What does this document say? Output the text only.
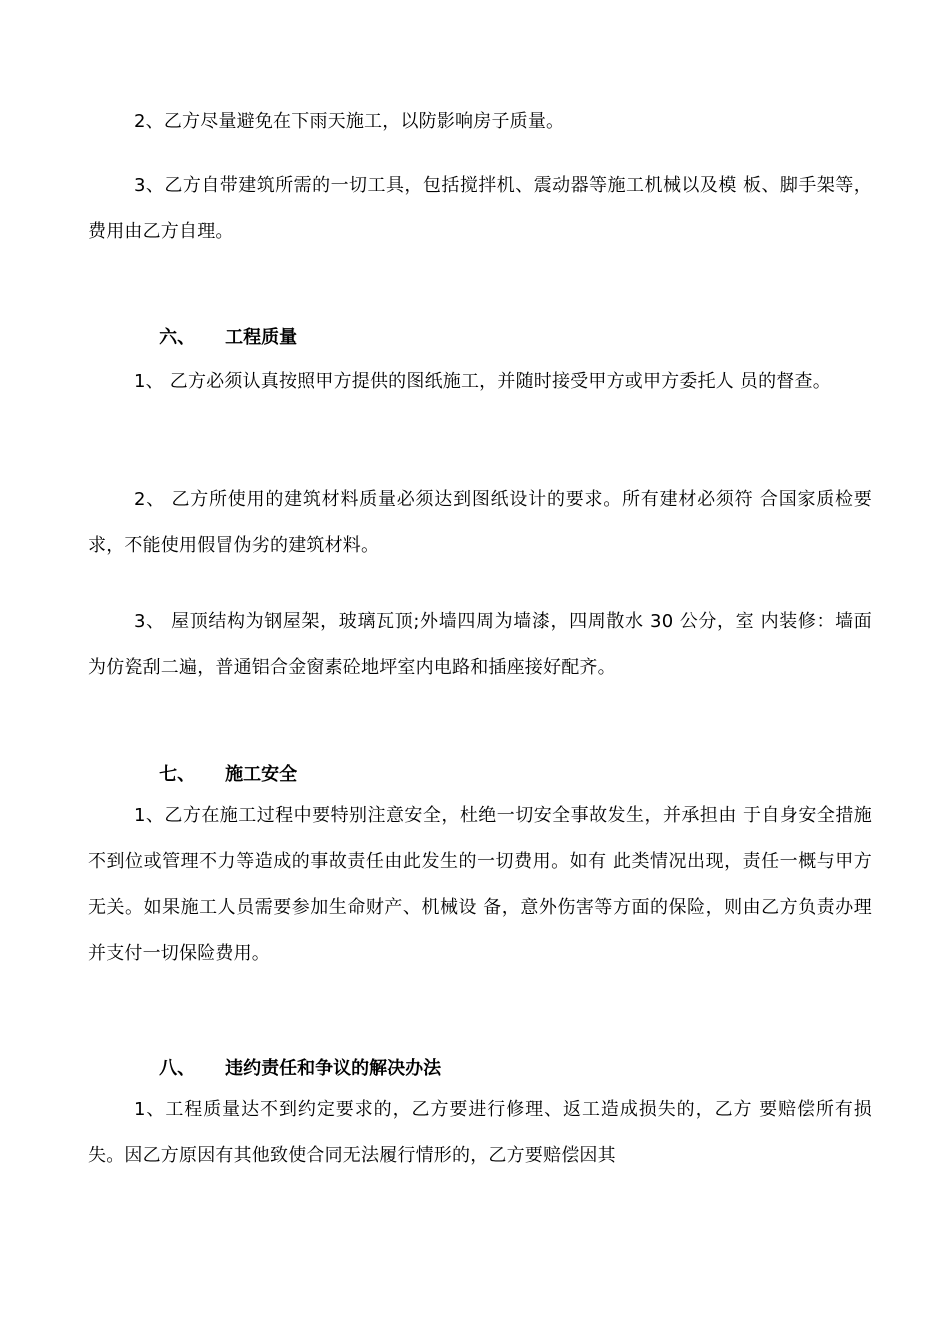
2、乙方尽量避免在下雨天施工，以防影响房子质量。

3、乙方自带建筑所需的一切工具，包括搅拌机、震动器等施工机械以及模 板、脚手架等，费用由乙方自理。

六、 工程质量

1、 乙方必须认真按照甲方提供的图纸施工，并随时接受甲方或甲方委托人 员的督查。

2、 乙方所使用的建筑材料质量必须达到图纸设计的要求。所有建材必须符 合国家质检要求，不能使用假冒伪劣的建筑材料。

3、 屋顶结构为钢屋架，玻璃瓦顶;外墙四周为墙漆，四周散水 30 公分，室 内装修：墙面为仿瓷刮二遍，普通铝合金窗素砼地坪室内电路和插座接好配齐。

七、 施工安全

1、乙方在施工过程中要特别注意安全，杜绝一切安全事故发生，并承担由 于自身安全措施不到位或管理不力等造成的事故责任由此发生的一切费用。如有 此类情况出现，责任一概与甲方无关。如果施工人员需要参加生命财产、机械设 备，意外伤害等方面的保险，则由乙方负责办理并支付一切保险费用。

八、 违约责任和争议的解决办法

1、工程质量达不到约定要求的，乙方要进行修理、返工造成损失的，乙方 要赔偿所有损失。因乙方原因有其他致使合同无法履行情形的，乙方要赔偿因其
